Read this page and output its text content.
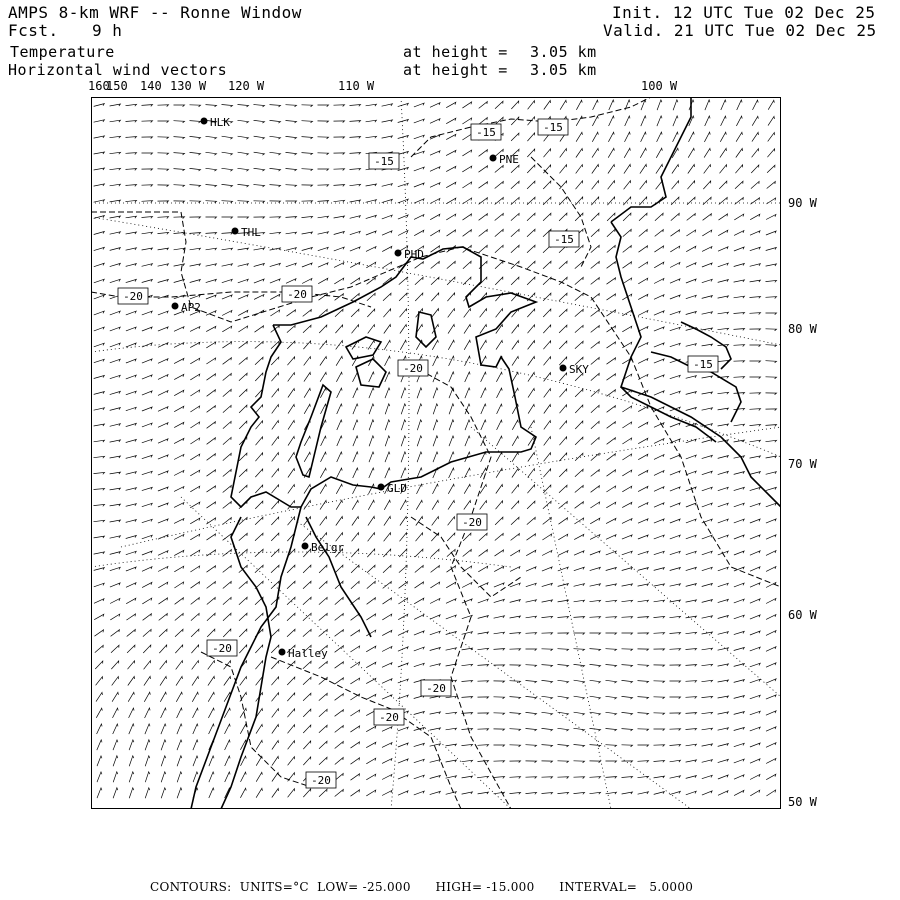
AMPS 8-km WRF -- Ronne Window
Fcst. 9 h
Init. 12 UTC Tue 02 Dec 25
Valid. 21 UTC Tue 02 Dec 25
Temperature
Horizontal wind vectors
at height = 3.05 km
at height = 3.05 km
160
150 140 130 W 120 W	110 W	100 W
90 W
80 W
70 W
60 W
50 W
HLK
THL
PNE
PHD
AP2
SKY
GLD
Belgr
Halley
-15	-15
-15
-15
-15
-20	-20
-20
-20
-20
-20
-20
-20
CONTOURS:  UNITS=°C  LOW= -25.000      HIGH= -15.000      INTERVAL=   5.0000
